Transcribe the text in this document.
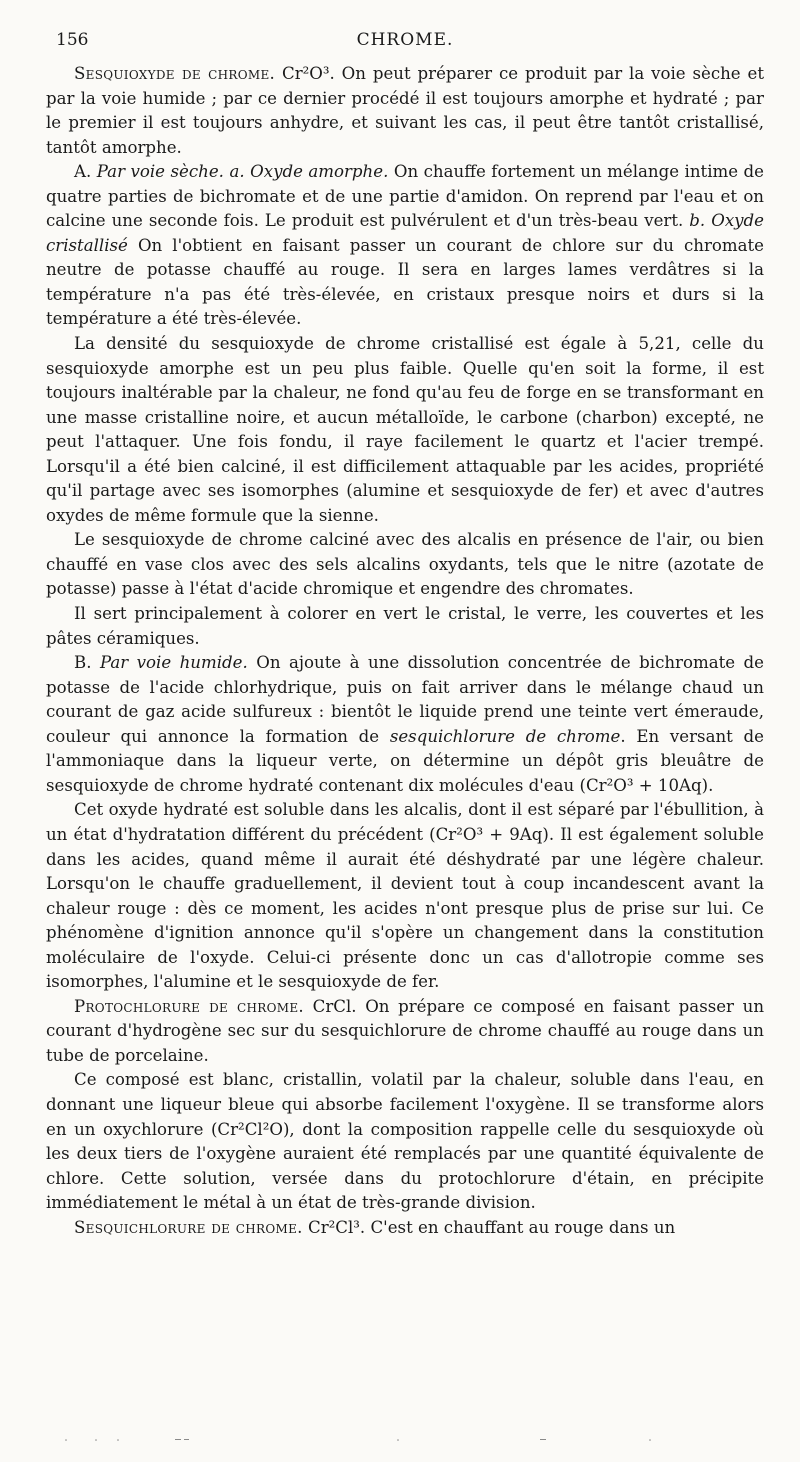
156	CHROME.

Sesquioxyde de chrome. Cr²O³. On peut préparer ce produit par la voie sèche et par la voie humide ; par ce dernier procédé il est toujours amorphe et hydraté ; par le premier il est toujours anhydre, et suivant les cas, il peut être tantôt cristallisé, tantôt amorphe.

A. Par voie sèche. a. Oxyde amorphe. On chauffe fortement un mélange intime de quatre parties de bichromate et de une partie d'amidon. On reprend par l'eau et on calcine une seconde fois. Le produit est pulvérulent et d'un très-beau vert. b. Oxyde cristallisé On l'obtient en faisant passer un courant de chlore sur du chromate neutre de potasse chauffé au rouge. Il sera en larges lames verdâtres si la température n'a pas été très-élevée, en cristaux presque noirs et durs si la température a été très-élevée.

La densité du sesquioxyde de chrome cristallisé est égale à 5,21, celle du sesquioxyde amorphe est un peu plus faible. Quelle qu'en soit la forme, il est toujours inaltérable par la chaleur, ne fond qu'au feu de forge en se transformant en une masse cristalline noire, et aucun métalloïde, le carbone (charbon) excepté, ne peut l'attaquer. Une fois fondu, il raye facilement le quartz et l'acier trempé. Lorsqu'il a été bien calciné, il est difficilement attaquable par les acides, propriété qu'il partage avec ses isomorphes (alumine et sesquioxyde de fer) et avec d'autres oxydes de même formule que la sienne.

Le sesquioxyde de chrome calciné avec des alcalis en présence de l'air, ou bien chauffé en vase clos avec des sels alcalins oxydants, tels que le nitre (azotate de potasse) passe à l'état d'acide chromique et engendre des chromates.

Il sert principalement à colorer en vert le cristal, le verre, les couvertes et les pâtes céramiques.

B. Par voie humide. On ajoute à une dissolution concentrée de bichromate de potasse de l'acide chlorhydrique, puis on fait arriver dans le mélange chaud un courant de gaz acide sulfureux : bientôt le liquide prend une teinte vert émeraude, couleur qui annonce la formation de sesquichlorure de chrome. En versant de l'ammoniaque dans la liqueur verte, on détermine un dépôt gris bleuâtre de sesquioxyde de chrome hydraté contenant dix molécules d'eau (Cr²O³ + 10Aq).

Cet oxyde hydraté est soluble dans les alcalis, dont il est séparé par l'ébullition, à un état d'hydratation différent du précédent (Cr²O³ + 9Aq). Il est également soluble dans les acides, quand même il aurait été déshydraté par une légère chaleur. Lorsqu'on le chauffe graduellement, il devient tout à coup incandescent avant la chaleur rouge : dès ce moment, les acides n'ont presque plus de prise sur lui. Ce phénomène d'ignition annonce qu'il s'opère un changement dans la constitution moléculaire de l'oxyde. Celui-ci présente donc un cas d'allotropie comme ses isomorphes, l'alumine et le sesquioxyde de fer.

Protochlorure de chrome. CrCl. On prépare ce composé en faisant passer un courant d'hydrogène sec sur du sesquichlorure de chrome chauffé au rouge dans un tube de porcelaine.

Ce composé est blanc, cristallin, volatil par la chaleur, soluble dans l'eau, en donnant une liqueur bleue qui absorbe facilement l'oxygène. Il se transforme alors en un oxychlorure (Cr²Cl²O), dont la composition rappelle celle du sesquioxyde où les deux tiers de l'oxygène auraient été remplacés par une quantité équivalente de chlore. Cette solution, versée dans du protochlorure d'étain, en précipite immédiatement le métal à un état de très-grande division.

Sesquichlorure de chrome. Cr²Cl³. C'est en chauffant au rouge dans un
